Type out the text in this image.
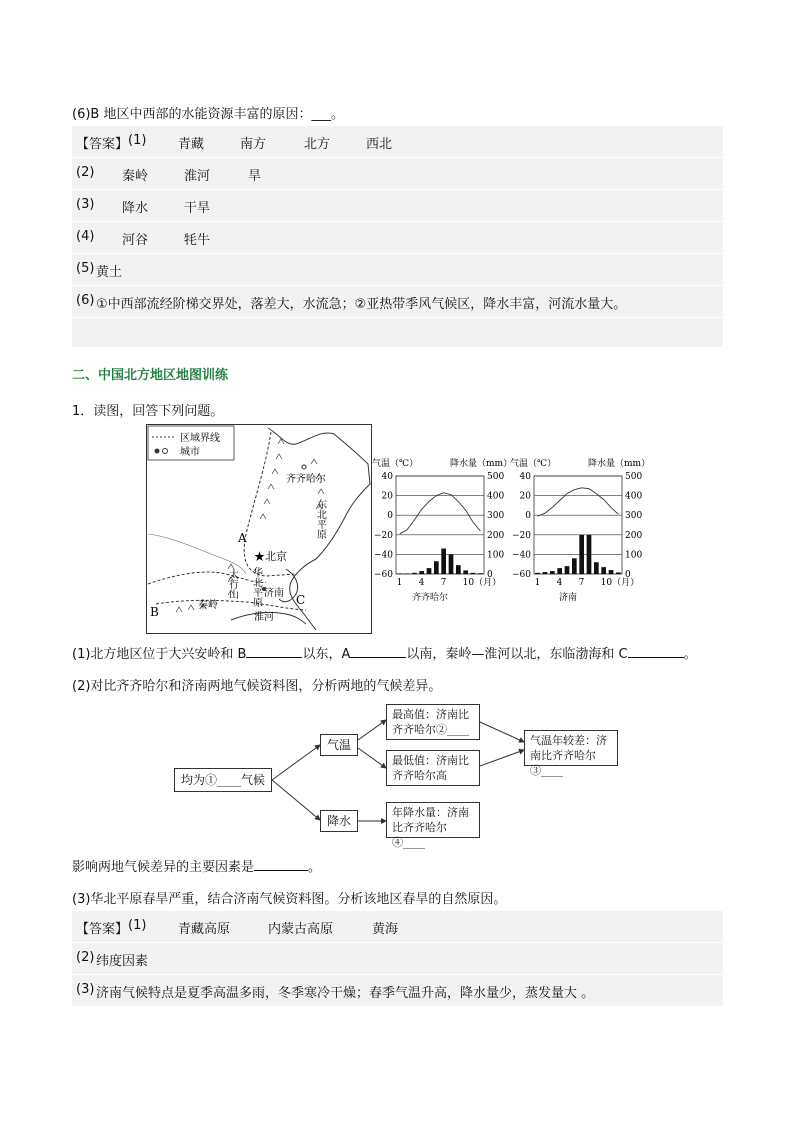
(6)B 地区中西部的水能资源丰富的原因：___。
【答案】 (1) 青藏	南方	北方	西北
(2) 秦岭	淮河	旱
(3) 降水	干旱
(4) 河谷	牦牛
(5) 黄土
(6) ①中西部流经阶梯交界处，落差大，水流急；②亚热带季风气候区，降水丰富，河流水量大。
二、中国北方地区地图训练
1．读图，回答下列问题。
区域界线
城市
齐齐哈尔
东北平原
A
★北京
太行山 华北平原 济南 C
B	秦岭
淮河
气温（℃）	降水量（mm）
40
20
0
−20
−40
−60
500
400
300
200
100
0
1 4 7 10（月）
齐齐哈尔
气温（℃）	降水量（mm）
40
20
0
−20
−40
−60
500
400
300
200
100
0
1 4 7 10（月）
济南
(1)北方地区位于大兴安岭和 B	以东，A	以南，秦岭—淮河以北，东临渤海和 C	。
(2)对比齐齐哈尔和济南两地气候资料图，分析两地的气候差异。
均为①____气候
气温
降水
最高值：济南比齐齐哈尔②____
最低值：济南比齐齐哈尔高
气温年较差：济南比齐齐哈尔③____
年降水量：济南比齐齐哈尔④____
影响两地气候差异的主要因素是	。
(3)华北平原春旱严重，结合济南气候资料图。分析该地区春旱的自然原因。
【答案】 (1) 青藏高原	内蒙古高原	黄海
(2) 纬度因素
(3) 济南气候特点是夏季高温多雨，冬季寒冷干燥；春季气温升高，降水量少，蒸发量大 。
